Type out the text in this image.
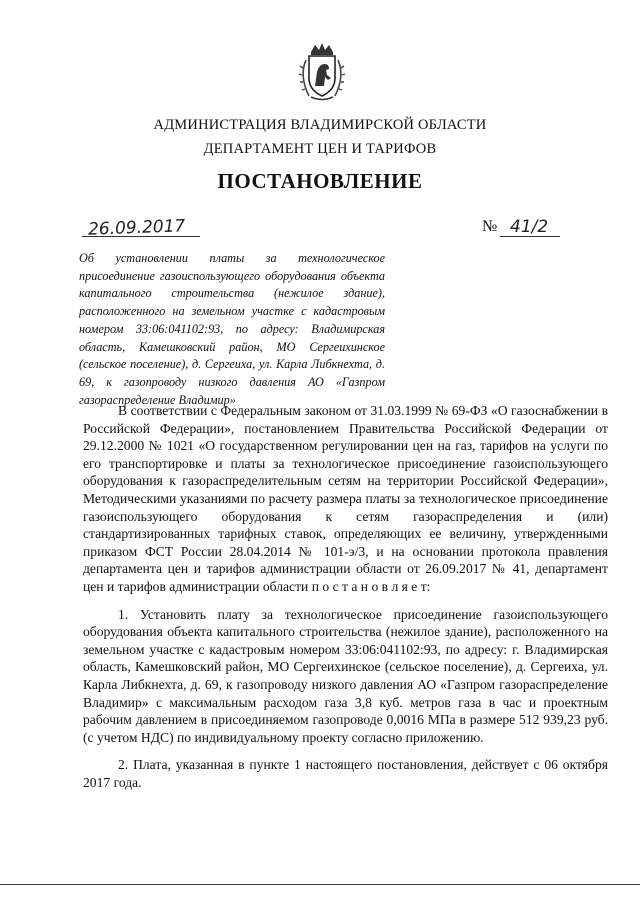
АДМИНИСТРАЦИЯ ВЛАДИМИРСКОЙ ОБЛАСТИ
ДЕПАРТАМЕНТ ЦЕН И ТАРИФОВ
ПОСТАНОВЛЕНИЕ
26.09.2017	№ 41/2
Об установлении платы за технологическое присоединение газоиспользующего оборудования объекта капитального строительства (нежилое здание), расположенного на земельном участке с кадастровым номером 33:06:041102:93, по адресу: Владимирская область, Камешковский район, МО Сергеихинское (сельское поселение), д. Сергеиха, ул. Карла Либкнехта, д. 69, к газопроводу низкого давления АО «Газпром газораспределение Владимир»

В соответствии с Федеральным законом от 31.03.1999 № 69-ФЗ «О газоснабжении в Российской Федерации», постановлением Правительства Российской Федерации от 29.12.2000 № 1021 «О государственном регулировании цен на газ, тарифов на услуги по его транспортировке и платы за технологическое присоединение газоиспользующего оборудования к газораспределительным сетям на территории Российской Федерации», Методическими указаниями по расчету размера платы за технологическое присоединение газоиспользующего оборудования к сетям газораспределения и (или) стандартизированных тарифных ставок, определяющих ее величину, утвержденными приказом ФСТ России 28.04.2014 № 101-э/3, и на основании протокола правления департамента цен и тарифов администрации области от 26.09.2017 № 41, департамент цен и тарифов администрации области п о с т а н о в л я е т:

1. Установить плату за технологическое присоединение газоиспользующего оборудования объекта капитального строительства (нежилое здание), расположенного на земельном участке с кадастровым номером 33:06:041102:93, по адресу: г. Владимирская область, Камешковский район, МО Сергеихинское (сельское поселение), д. Сергеиха, ул. Карла Либкнехта, д. 69, к газопроводу низкого давления АО «Газпром газораспределение Владимир» с максимальным расходом газа 3,8 куб. метров газа в час и проектным рабочим давлением в присоединяемом газопроводе 0,0016 МПа в размере 512 939,23 руб. (с учетом НДС) по индивидуальному проекту согласно приложению.

2. Плата, указанная в пункте 1 настоящего постановления, действует с 06 октября 2017 года.
